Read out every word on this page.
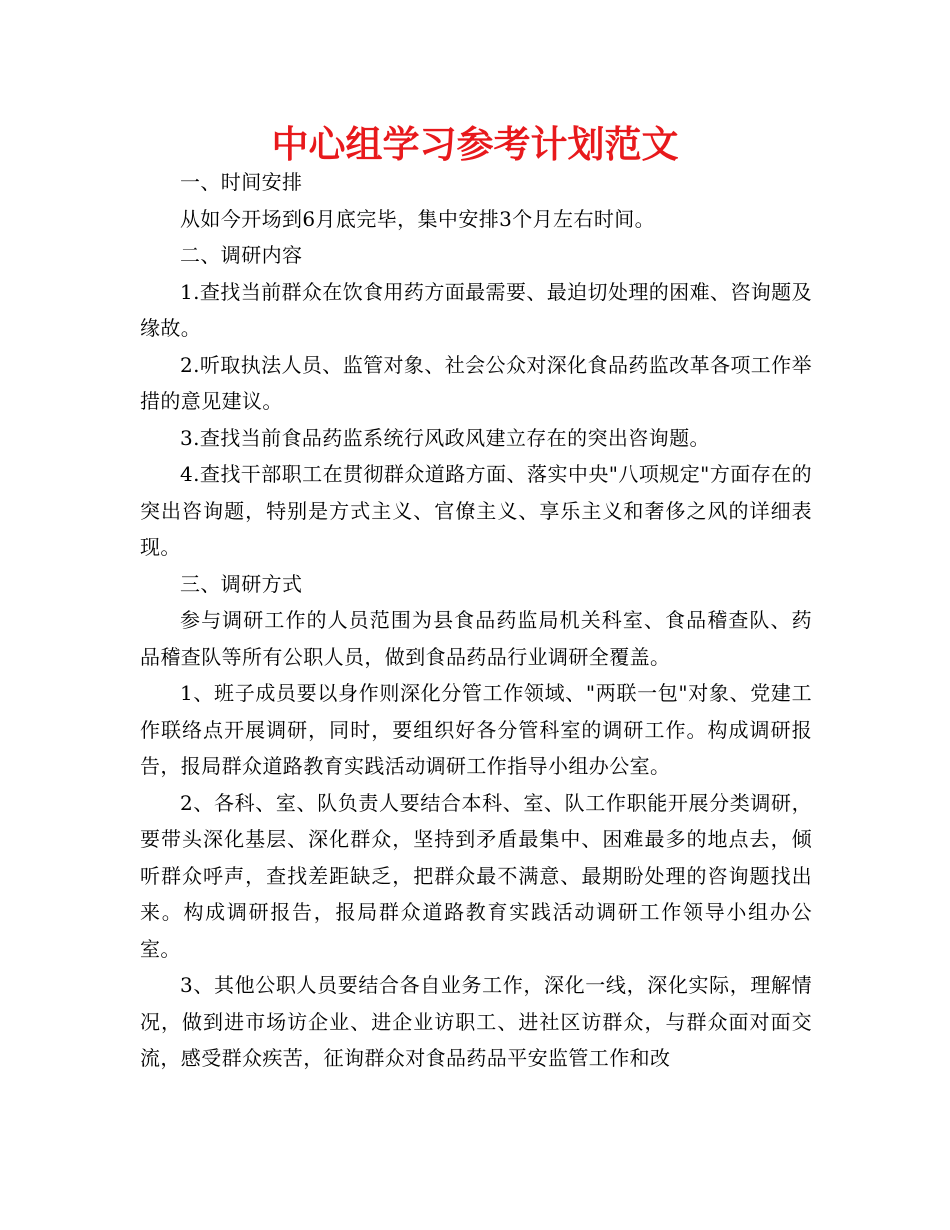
中心组学习参考计划范文

一、时间安排

从如今开场到6月底完毕，集中安排3个月左右时间。

二、调研内容

1.查找当前群众在饮食用药方面最需要、最迫切处理的困难、咨询题及缘故。

2.听取执法人员、监管对象、社会公众对深化食品药监改革各项工作举措的意见建议。

3.查找当前食品药监系统行风政风建立存在的突出咨询题。

4.查找干部职工在贯彻群众道路方面、落实中央"八项规定"方面存在的突出咨询题，特别是方式主义、官僚主义、享乐主义和奢侈之风的详细表现。

三、调研方式

参与调研工作的人员范围为县食品药监局机关科室、食品稽查队、药品稽查队等所有公职人员，做到食品药品行业调研全覆盖。

1、班子成员要以身作则深化分管工作领域、"两联一包"对象、党建工作联络点开展调研，同时，要组织好各分管科室的调研工作。构成调研报告，报局群众道路教育实践活动调研工作指导小组办公室。

2、各科、室、队负责人要结合本科、室、队工作职能开展分类调研，要带头深化基层、深化群众，坚持到矛盾最集中、困难最多的地点去，倾听群众呼声，查找差距缺乏，把群众最不满意、最期盼处理的咨询题找出来。构成调研报告，报局群众道路教育实践活动调研工作领导小组办公室。

3、其他公职人员要结合各自业务工作，深化一线，深化实际，理解情况，做到进市场访企业、进企业访职工、进社区访群众，与群众面对面交流，感受群众疾苦，征询群众对食品药品平安监管工作和改
